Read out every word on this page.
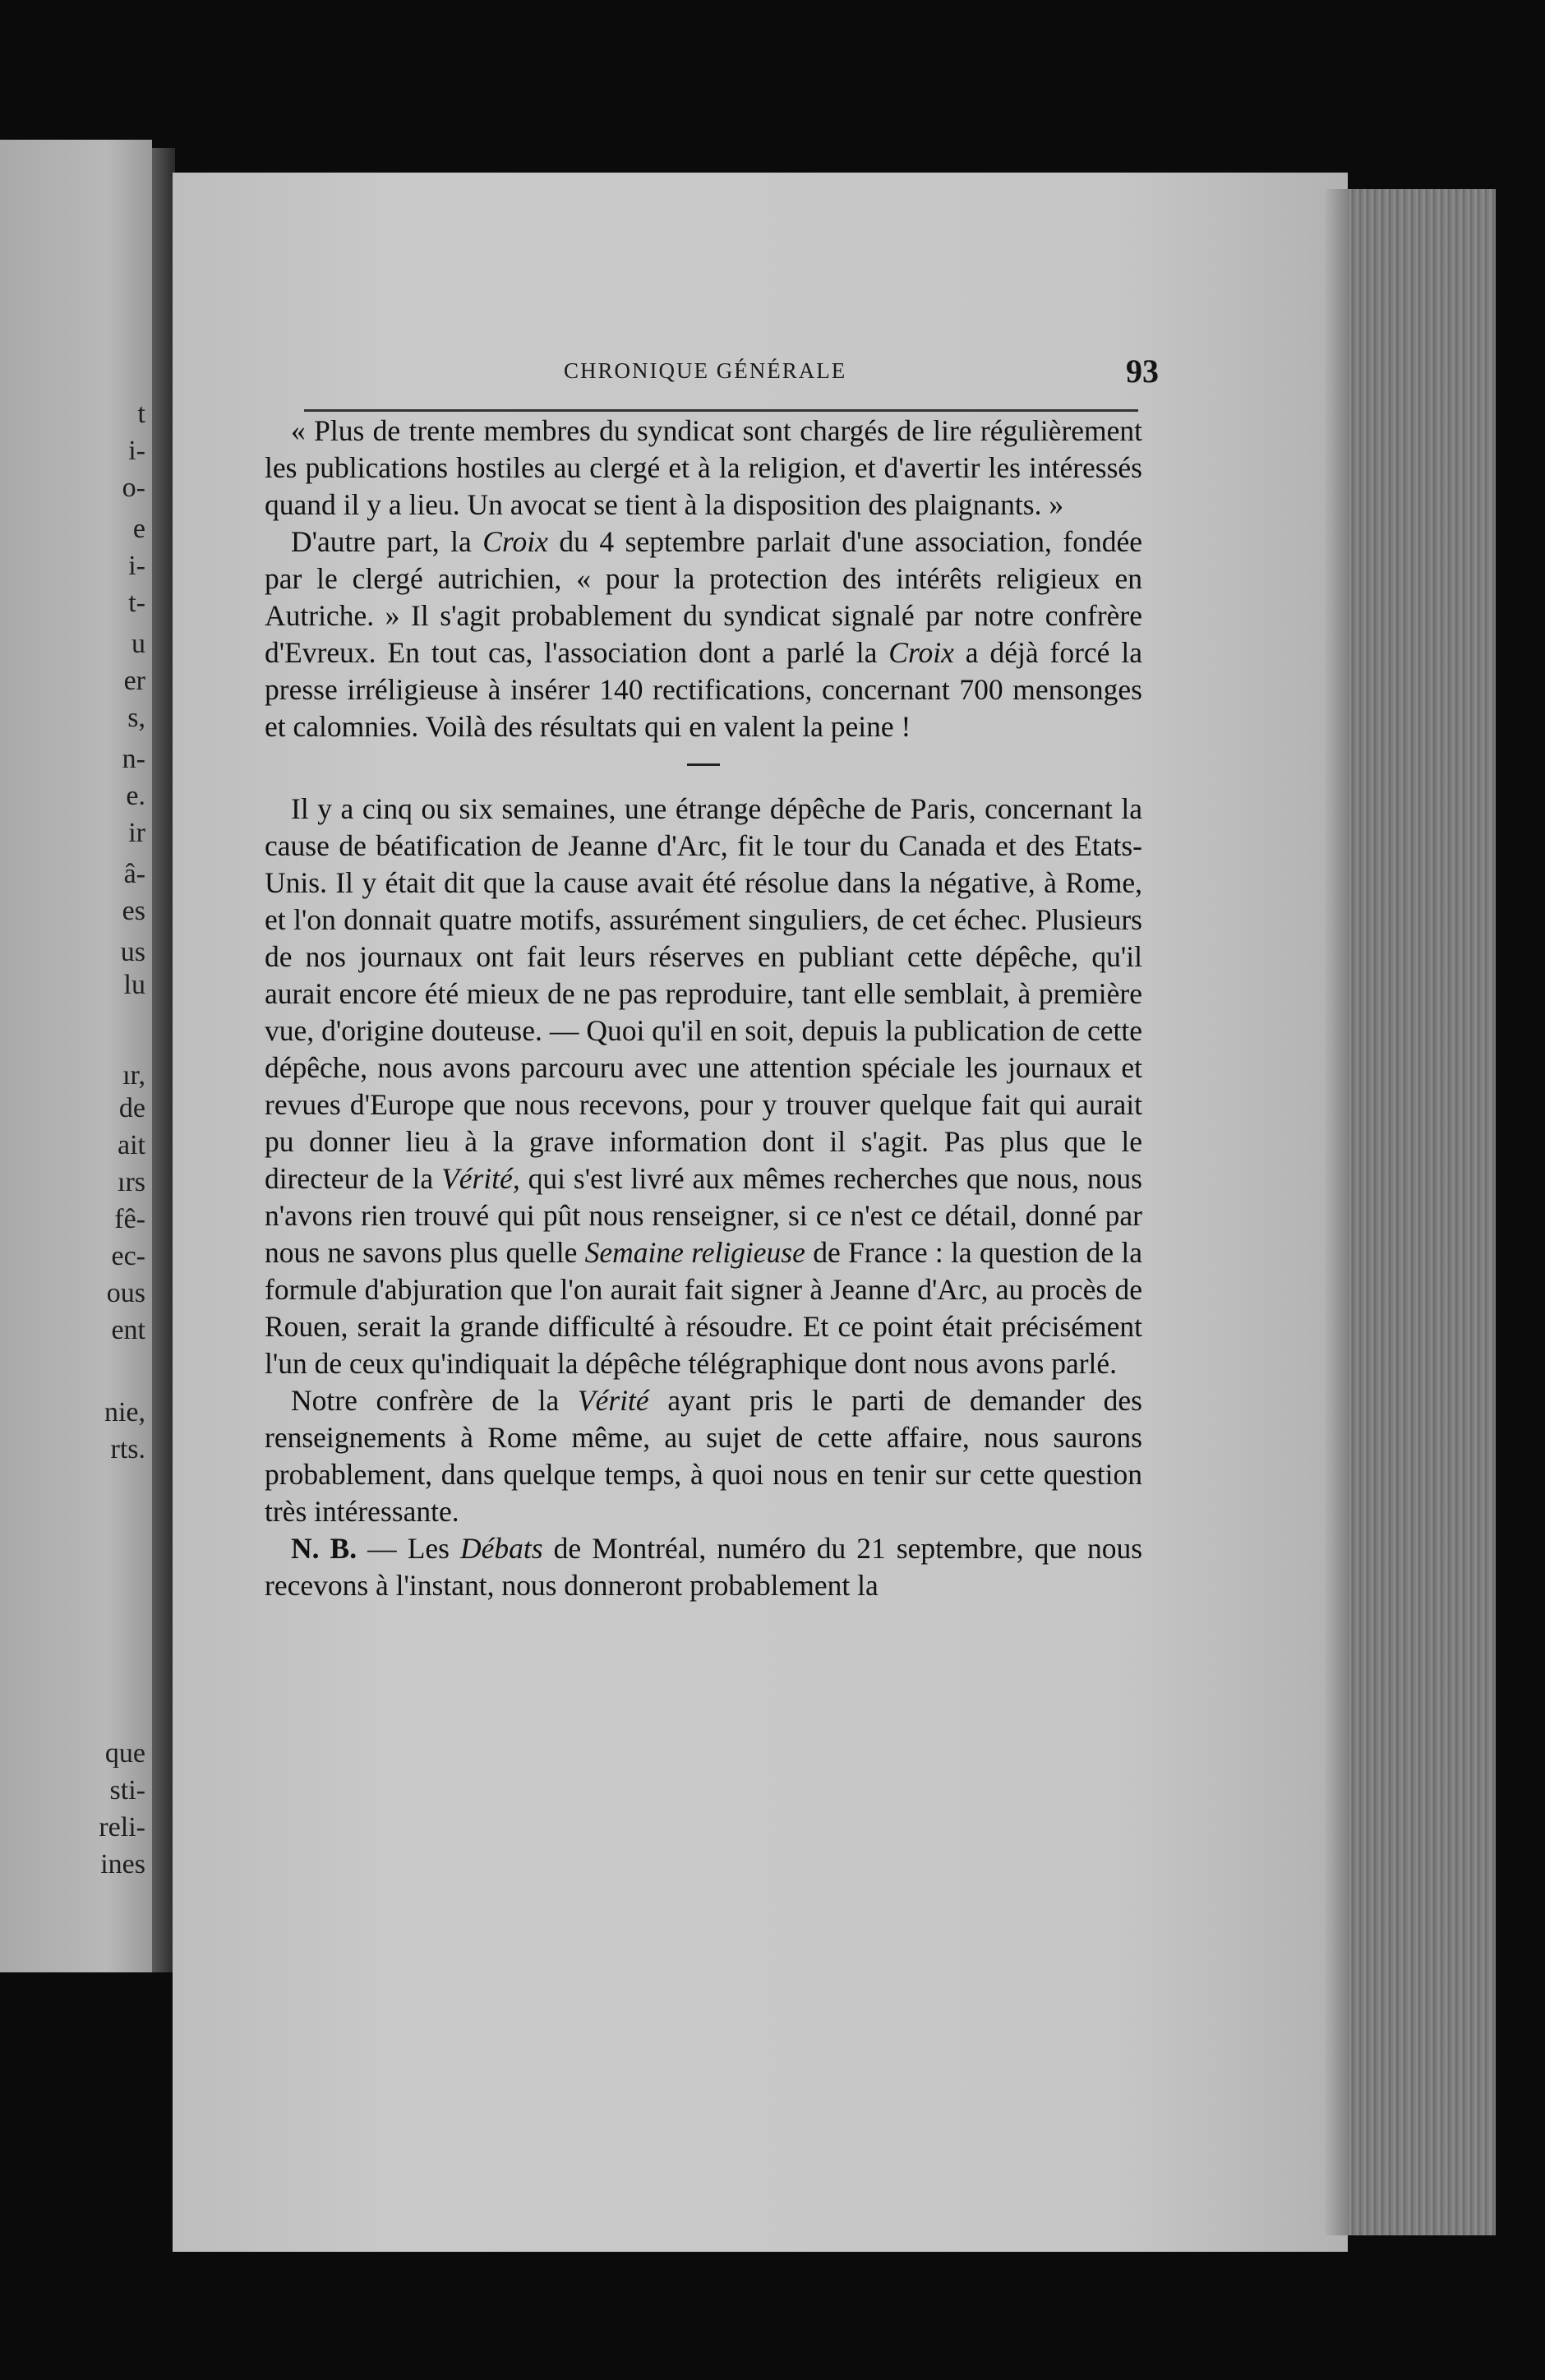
t
i-
o-
e
i-
t-
u
er
s,
n-
e.
ir
â-
es
us
lu
ır,
de
ait
ırs
fê-
ec-
ous
ent
nie,
rts.
que
sti-
reli-
ines
CHRONIQUE GÉNÉRALE	93

« Plus de trente membres du syndicat sont chargés de lire régulièrement les publications hostiles au clergé et à la religion, et d'avertir les intéressés quand il y a lieu. Un avocat se tient à la disposition des plaignants. »

D'autre part, la Croix du 4 septembre parlait d'une association, fondée par le clergé autrichien, « pour la protection des intérêts religieux en Autriche. » Il s'agit probablement du syndicat signalé par notre confrère d'Evreux. En tout cas, l'association dont a parlé la Croix a déjà forcé la presse irréligieuse à insérer 140 rectifications, concernant 700 mensonges et calomnies. Voilà des résultats qui en valent la peine !

Il y a cinq ou six semaines, une étrange dépêche de Paris, concernant la cause de béatification de Jeanne d'Arc, fit le tour du Canada et des Etats-Unis. Il y était dit que la cause avait été résolue dans la négative, à Rome, et l'on donnait quatre motifs, assurément singuliers, de cet échec. Plusieurs de nos journaux ont fait leurs réserves en publiant cette dépêche, qu'il aurait encore été mieux de ne pas reproduire, tant elle semblait, à première vue, d'origine douteuse. — Quoi qu'il en soit, depuis la publication de cette dépêche, nous avons parcouru avec une attention spéciale les journaux et revues d'Europe que nous recevons, pour y trouver quelque fait qui aurait pu donner lieu à la grave information dont il s'agit. Pas plus que le directeur de la Vérité, qui s'est livré aux mêmes recherches que nous, nous n'avons rien trouvé qui pût nous renseigner, si ce n'est ce détail, donné par nous ne savons plus quelle Semaine religieuse de France : la question de la formule d'abjuration que l'on aurait fait signer à Jeanne d'Arc, au procès de Rouen, serait la grande difficulté à résoudre. Et ce point était précisément l'un de ceux qu'indiquait la dépêche télégraphique dont nous avons parlé.

Notre confrère de la Vérité ayant pris le parti de demander des renseignements à Rome même, au sujet de cette affaire, nous saurons probablement, dans quelque temps, à quoi nous en tenir sur cette question très intéressante.

N. B. — Les Débats de Montréal, numéro du 21 septembre, que nous recevons à l'instant, nous donneront probablement la
